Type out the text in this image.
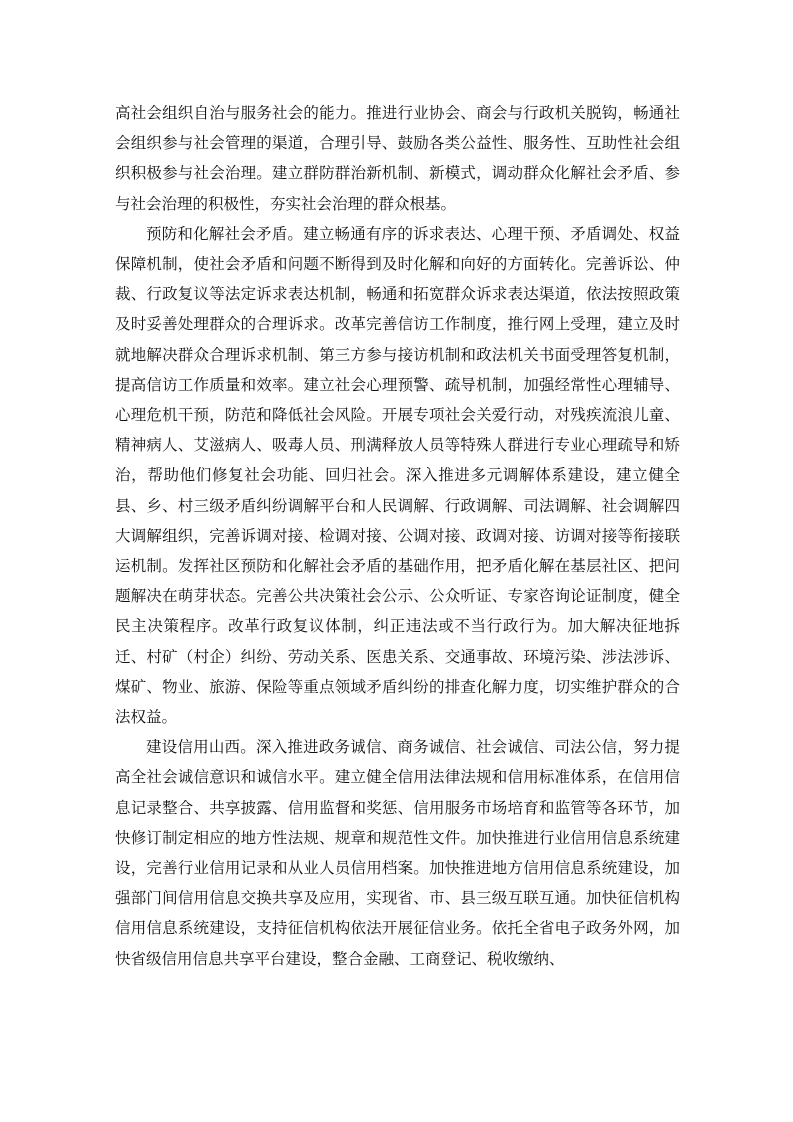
高社会组织自治与服务社会的能力。推进行业协会、商会与行政机关脱钩，畅通社会组织参与社会管理的渠道，合理引导、鼓励各类公益性、服务性、互助性社会组织积极参与社会治理。建立群防群治新机制、新模式，调动群众化解社会矛盾、参与社会治理的积极性，夯实社会治理的群众根基。

预防和化解社会矛盾。建立畅通有序的诉求表达、心理干预、矛盾调处、权益保障机制，使社会矛盾和问题不断得到及时化解和向好的方面转化。完善诉讼、仲裁、行政复议等法定诉求表达机制，畅通和拓宽群众诉求表达渠道，依法按照政策及时妥善处理群众的合理诉求。改革完善信访工作制度，推行网上受理，建立及时就地解决群众合理诉求机制、第三方参与接访机制和政法机关书面受理答复机制，提高信访工作质量和效率。建立社会心理预警、疏导机制，加强经常性心理辅导、心理危机干预，防范和降低社会风险。开展专项社会关爱行动，对残疾流浪儿童、精神病人、艾滋病人、吸毒人员、刑满释放人员等特殊人群进行专业心理疏导和矫治，帮助他们修复社会功能、回归社会。深入推进多元调解体系建设，建立健全县、乡、村三级矛盾纠纷调解平台和人民调解、行政调解、司法调解、社会调解四大调解组织，完善诉调对接、检调对接、公调对接、政调对接、访调对接等衔接联运机制。发挥社区预防和化解社会矛盾的基础作用，把矛盾化解在基层社区、把问题解决在萌芽状态。完善公共决策社会公示、公众听证、专家咨询论证制度，健全民主决策程序。改革行政复议体制，纠正违法或不当行政行为。加大解决征地拆迁、村矿（村企）纠纷、劳动关系、医患关系、交通事故、环境污染、涉法涉诉、煤矿、物业、旅游、保险等重点领域矛盾纠纷的排查化解力度，切实维护群众的合法权益。

建设信用山西。深入推进政务诚信、商务诚信、社会诚信、司法公信，努力提高全社会诚信意识和诚信水平。建立健全信用法律法规和信用标准体系，在信用信息记录整合、共享披露、信用监督和奖惩、信用服务市场培育和监管等各环节，加快修订制定相应的地方性法规、规章和规范性文件。加快推进行业信用信息系统建设，完善行业信用记录和从业人员信用档案。加快推进地方信用信息系统建设，加强部门间信用信息交换共享及应用，实现省、市、县三级互联互通。加快征信机构信用信息系统建设，支持征信机构依法开展征信业务。依托全省电子政务外网，加快省级信用信息共享平台建设，整合金融、工商登记、税收缴纳、
